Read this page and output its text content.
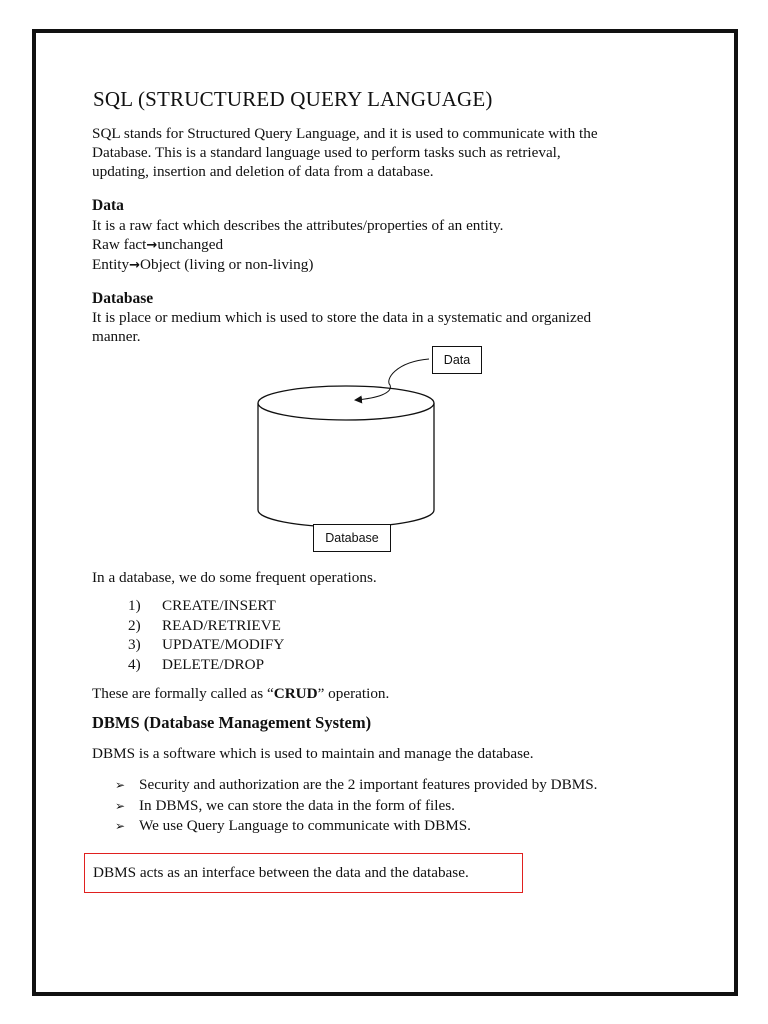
SQL (STRUCTURED QUERY LANGUAGE)

SQL stands for Structured Query Language, and it is used to communicate with the
Database. This is a standard language used to perform tasks such as retrieval,
updating, insertion and deletion of data from a database.

Data

It is a raw fact which describes the attributes/properties of an entity.
Raw fact→unchanged
Entity→Object (living or non-living)

Database

It is place or medium which is used to store the data in a systematic and organized
manner.

Data
Database

In a database, we do some frequent operations.

1) CREATE/INSERT
2) READ/RETRIEVE
3) UPDATE/MODIFY
4) DELETE/DROP

These are formally called as “CRUD” operation.

DBMS (Database Management System)

DBMS is a software which is used to maintain and manage the database.

➢ Security and authorization are the 2 important features provided by DBMS.
➢ In DBMS, we can store the data in the form of files.
➢ We use Query Language to communicate with DBMS.
DBMS acts as an interface between the data and the database.
